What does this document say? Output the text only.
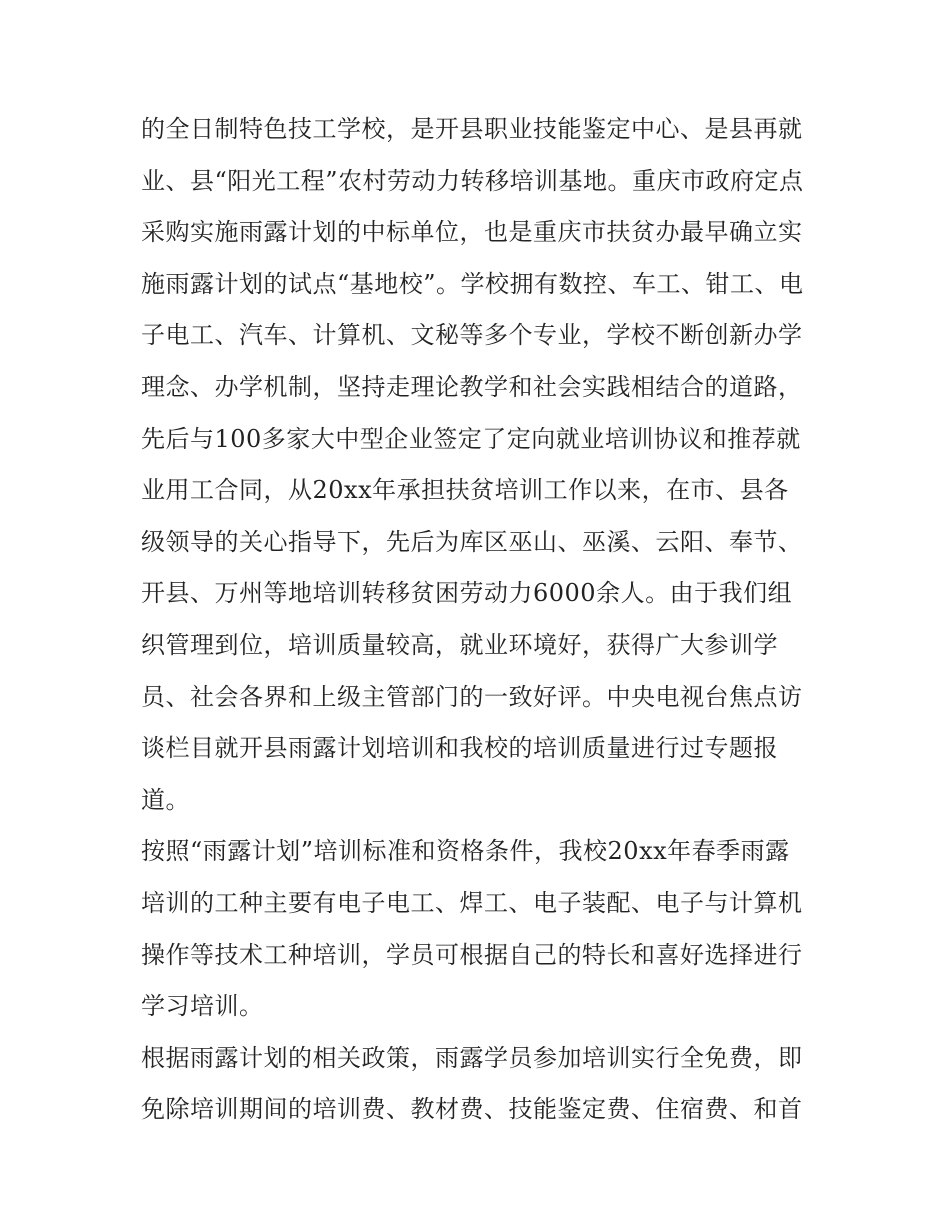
的全日制特色技工学校，是开县职业技能鉴定中心、是县再就
业、县“阳光工程”农村劳动力转移培训基地。重庆市政府定点
采购实施雨露计划的中标单位，也是重庆市扶贫办最早确立实
施雨露计划的试点“基地校”。学校拥有数控、车工、钳工、电
子电工、汽车、计算机、文秘等多个专业，学校不断创新办学
理念、办学机制，坚持走理论教学和社会实践相结合的道路，
先后与100多家大中型企业签定了定向就业培训协议和推荐就
业用工合同，从20xx年承担扶贫培训工作以来，在市、县各
级领导的关心指导下，先后为库区巫山、巫溪、云阳、奉节、
开县、万州等地培训转移贫困劳动力6000余人。由于我们组
织管理到位，培训质量较高，就业环境好，获得广大参训学
员、社会各界和上级主管部门的一致好评。中央电视台焦点访
谈栏目就开县雨露计划培训和我校的培训质量进行过专题报
道。
按照“雨露计划”培训标准和资格条件，我校20xx年春季雨露
培训的工种主要有电子电工、焊工、电子装配、电子与计算机
操作等技术工种培训，学员可根据自己的特长和喜好选择进行
学习培训。
根据雨露计划的相关政策，雨露学员参加培训实行全免费，即
免除培训期间的培训费、教材费、技能鉴定费、住宿费、和首
